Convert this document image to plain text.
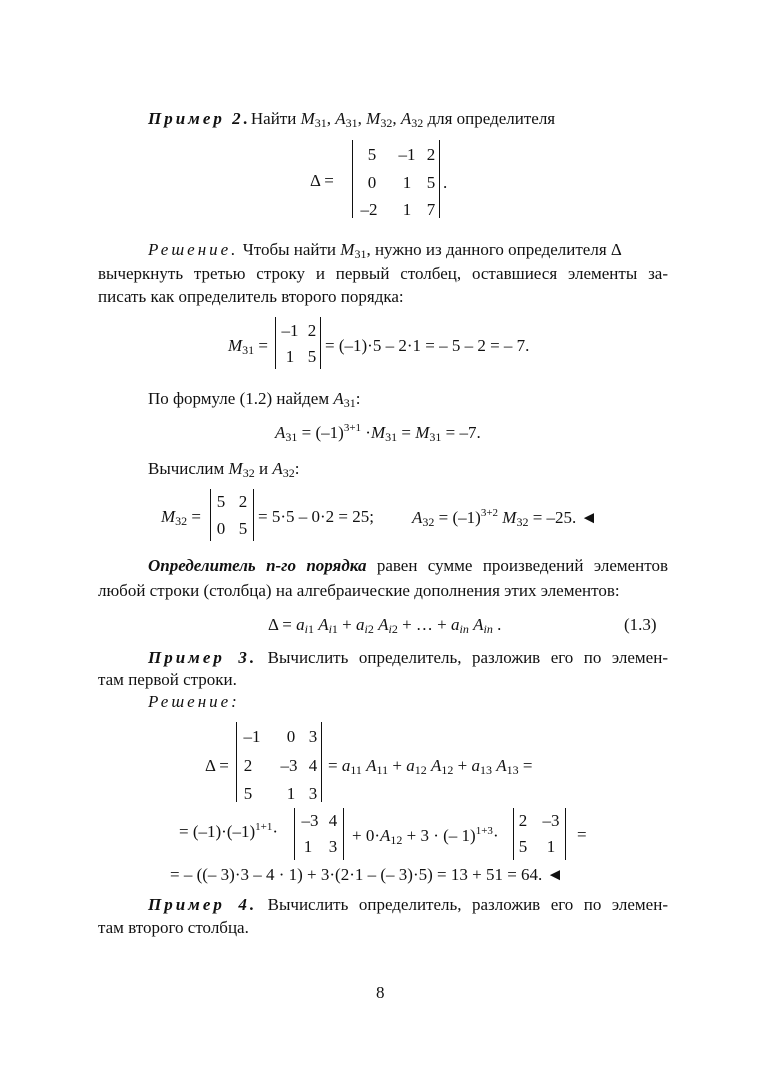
Пример 2.Найти $M_{31}$, $A_{31}$, $M_{32}$, $A_{32}$ для определителя
Δ =
5	–1 2
0	1 5
–2	1 7
.
Решение. Чтобы найти $M_{31}$, нужно из данного определителя Δ
вычеркнуть третью строку и первый столбец, оставшиеся элементы за-
писать как определитель второго порядка:
$M_{31}$ =
–1 2
1 5
= (–1)·5 – 2·1 = – 5 – 2 = – 7.
По формуле (1.2) найдем $A_{31}$:
$A_{31} = (-1)^{3+1} \cdot M_{31} = M_{31} = -7$.
Вычислим $M_{32}$ и $A_{32}$:
$M_{32}$ =
5 2
0 5
= 5·5 – 0·2 = 25; $A_{32} = (-1)^{3+2}$ $M_{32} = -25$. ◄
Определитель n-го порядка равен сумме произведений элементов
любой строки (столбца) на алгебраические дополнения этих элементов:
$\Delta = a_{i1}$ $A_{i1} + a_{i2}$ $A_{i2}$ + … + $a_{in}$ $A_{in}$ .	(1.3)
Пример 3. Вычислить определитель, разложив его по элемен-
там первой строки.
Решение:
Δ =
–1	0 3
2	–3 4
5	1 3
= $a_{11}$ $A_{11} + a_{12}$ $A_{12} + a_{13}$ $A_{13}$ =
= $(-1)\cdot(-1)^{1+1}\cdot$
–3 4
1 3
+ $0\cdot A_{12} + 3$ · (– 1)$^{1+3}$·
2 –3
5	1
=
= – ((– 3)·3 – 4 · 1) + 3·(2·1 – (– 3)·5) = 13 + 51 = 64. ◄
Пример 4. Вычислить определитель, разложив его по элемен-
там второго столбца.
8
